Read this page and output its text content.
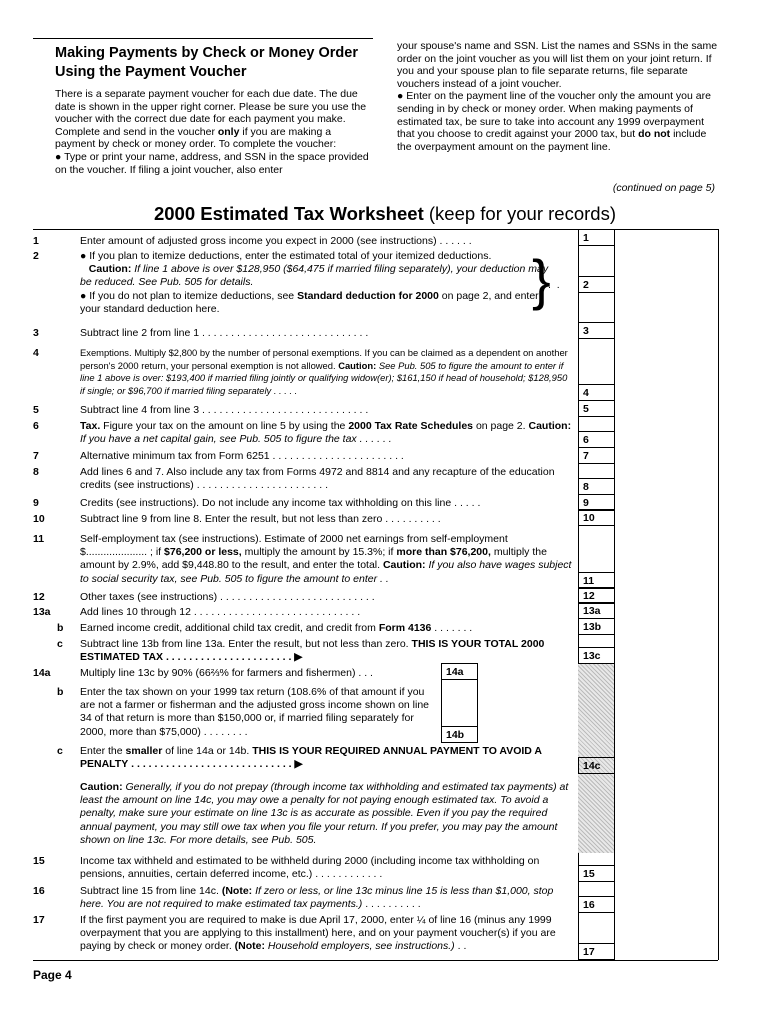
Making Payments by Check or Money Order Using the Payment Voucher
There is a separate payment voucher for each due date. The due date is shown in the upper right corner. Please be sure you use the voucher with the correct due date for each payment you make. Complete and send in the voucher only if you are making a payment by check or money order. To complete the voucher:
● Type or print your name, address, and SSN in the space provided on the voucher. If filing a joint voucher, also enter
your spouse's name and SSN. List the names and SSNs in the same order on the joint voucher as you will list them on your joint return. If you and your spouse plan to file separate returns, file separate vouchers instead of a joint voucher.
● Enter on the payment line of the voucher only the amount you are sending in by check or money order. When making payments of estimated tax, be sure to take into account any 1999 overpayment that you choose to credit against your 2000 tax, but do not include the overpayment amount on the payment line.
(continued on page 5)
2000 Estimated Tax Worksheet (keep for your records)
1	Enter amount of adjusted gross income you expect in 2000 (see instructions) . . . . . .	1
2	● If you plan to itemize deductions, enter the estimated total of your itemized deductions.
Caution: If line 1 above is over $128,950 ($64,475 if married filing separately), your deduction may be reduced. See Pub. 505 for details.
● If you do not plan to itemize deductions, see Standard deduction for 2000 on page 2, and enter your standard deduction here.	}
.  .	2
3	Subtract line 2 from line 1 . . . . . . . . . . . . . . . . . . . . . . . . . . . . .	3
4	Exemptions. Multiply $2,800 by the number of personal exemptions. If you can be claimed as a dependent on another person's 2000 return, your personal exemption is not allowed. Caution: See Pub. 505 to figure the amount to enter if line 1 above is over: $193,400 if married filing jointly or qualifying widow(er); $161,150 if head of household; $128,950 if single; or $96,700 if married filing separately . . . . .	4
5	Subtract line 4 from line 3 . . . . . . . . . . . . . . . . . . . . . . . . . . . . .	5
6	Tax. Figure your tax on the amount on line 5 by using the 2000 Tax Rate Schedules on page 2. Caution: If you have a net capital gain, see Pub. 505 to figure the tax . . . . . .	6
7	Alternative minimum tax from Form 6251 . . . . . . . . . . . . . . . . . . . . . . .	7
8	Add lines 6 and 7. Also include any tax from Forms 4972 and 8814 and any recapture of the education credits (see instructions) . . . . . . . . . . . . . . . . . . . . . . .	8
9	Credits (see instructions). Do not include any income tax withholding on this line . . . . .	9
10	Subtract line 9 from line 8. Enter the result, but not less than zero . . . . . . . . . .	10
11	Self-employment tax (see instructions). Estimate of 2000 net earnings from self-employment $..................... ; if $76,200 or less, multiply the amount by 15.3%; if more than $76,200, multiply the amount by 2.9%, add $9,448.80 to the result, and enter the total. Caution: If you also have wages subject to social security tax, see Pub. 505 to figure the amount to enter . .	11
12	Other taxes (see instructions) . . . . . . . . . . . . . . . . . . . . . . . . . . .	12
13a	Add lines 10 through 12 . . . . . . . . . . . . . . . . . . . . . . . . . . . . .	13a
b	Earned income credit, additional child tax credit, and credit from Form 4136 . . . . . . .	13b
c	Subtract line 13b from line 13a. Enter the result, but not less than zero. THIS IS YOUR TOTAL 2000 ESTIMATED TAX . . . . . . . . . . . . . . . . . . . . . . ▶	13c
14a	Multiply line 13c by 90% (66⅔% for farmers and fishermen) . . .	14a
b	Enter the tax shown on your 1999 tax return (108.6% of that amount if you are not a farmer or fisherman and the adjusted gross income shown on line 34 of that return is more than $150,000 or, if married filing separately for 2000, more than $75,000) . . . . . . . .	14b
c	Enter the smaller of line 14a or 14b. THIS IS YOUR REQUIRED ANNUAL PAYMENT TO AVOID A PENALTY . . . . . . . . . . . . . . . . . . . . . . . . . . . . ▶	14c
Caution: Generally, if you do not prepay (through income tax withholding and estimated tax payments) at least the amount on line 14c, you may owe a penalty for not paying enough estimated tax. To avoid a penalty, make sure your estimate on line 13c is as accurate as possible. Even if you pay the required annual payment, you may still owe tax when you file your return. If you prefer, you may pay the amount shown on line 13c. For more details, see Pub. 505.
15	Income tax withheld and estimated to be withheld during 2000 (including income tax withholding on pensions, annuities, certain deferred income, etc.) . . . . . . . . . . . .	15
16	Subtract line 15 from line 14c. (Note: If zero or less, or line 13c minus line 15 is less than $1,000, stop here. You are not required to make estimated tax payments.) . . . . . . . . . .	16
17	If the first payment you are required to make is due April 17, 2000, enter ¼ of line 16 (minus any 1999 overpayment that you are applying to this installment) here, and on your payment voucher(s) if you are paying by check or money order. (Note: Household employers, see instructions.) . .	17
Page 4
